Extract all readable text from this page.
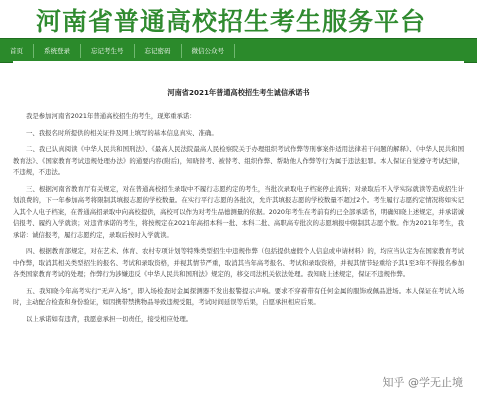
河南省普通高校招生考生服务平台
首页	系统登录	忘记考生号	忘记密码	微信公众号
河南省2021年普通高校招生考生诚信承诺书

我是参加河南省2021年普通高校招生的考生，现郑重承诺：

一、我报名时所提供的相关证件及网上填写的基本信息真实、准确。

二、我已认真阅读《中华人民共和国刑法》、《最高人民法院最高人民检察院关于办理组织考试作弊等刑事案件适用法律若干问题的解释》、《中华人民共和国教育法》、《国家教育考试违规处理办法》的通要内容(附后)，知晓替考、被替考、组织作弊、帮助他人作弊等行为属于违法犯罪。本人保证自觉遵守考试纪律，不违规，不违法。

三、根据河南省教育厅有关规定，对在普通高校招生录取中不履行志愿约定的考生，当批次录取电子档案停止流转；对录取后不入学实际就读等造成招生计划浪费的，下一年参加高考将限制其填报志愿的学校数量。在实行平行志愿的各批次，允许其填报志愿的学校数量不超过2个。考生履行志愿约定情况将如实记入其个人电子档案，在普通高招录取中向高校提供，高校可以作为对考生品德测量的依据。2020年考生在考前有约已全部承诺书，明确知晓上述规定，并承诺诚信报考、履约入学就读；对违背承诺的考生，将按规定在2021年高招本科一批、本科二批、高职高专批次的志愿填报中限制其志愿个数。作为2021年考生，我承诺：诚信报考，履行志愿约定，录取后按时入学就读。

四、根据教育部规定，对在艺术、体育、农村专项计划等特殊类型招生中违规作弊（包括提供虚假个人信息或申请材料）的，均应当认定为在国家教育考试中作弊，取消其相关类型招生的报名、考试和录取资格，并视其情节严重，取消其当年高考报名、考试和录取资格，并视其情节轻重给予其1至3年不得报名参加各类国家教育考试的处理；作弊行为涉嫌违反《中华人民共和国刑法》规定的，移交司法机关依法处理。我知晓上述规定，保证不违规作弊。

五、我知晓今年高考实行“无声入场”，即入场检查时金属探测器不发出报警提示声响。要求不穿着带有任何金属的服饰或佩品进场。本人保证在考试入场时，主动配合检查和身份验证，如因携带禁携物品导致违规受阻，考试时间延误等后果，自愿承担相应后果。

以上承诺如有违背，我愿意承担一切责任，接受相应处理。

知乎 @学无止境
